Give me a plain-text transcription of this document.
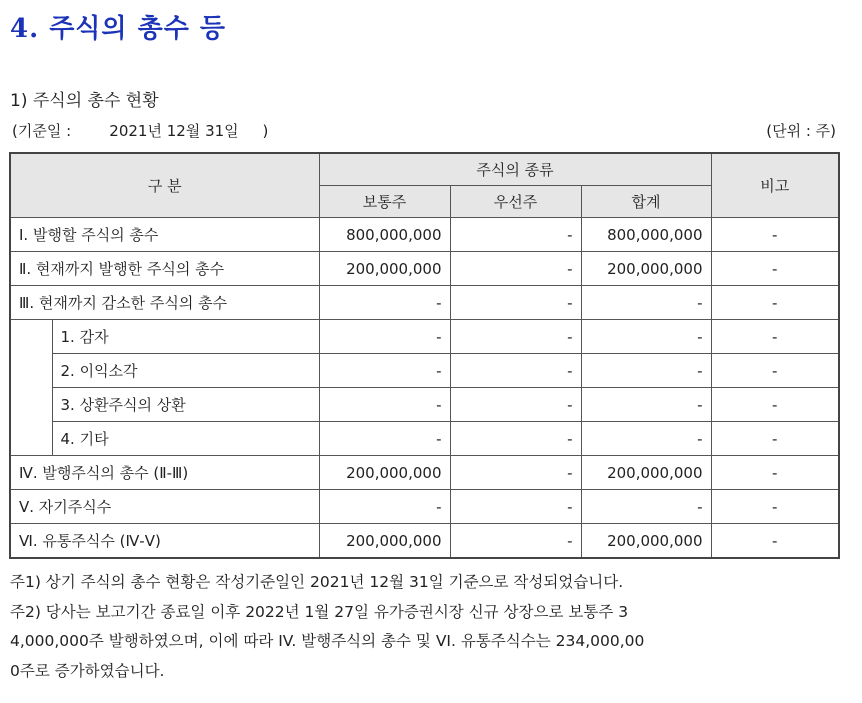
4. 주식의 총수 등
1) 주식의 총수 현황
(기준일 :        2021년 12월 31일     )	(단위 : 주)
구 분		주식의 종류			비고
		보통주	우선주	합계	
Ⅰ. 발행할 주식의 총수		800,000,000	-	800,000,000	-
Ⅱ. 현재까지 발행한 주식의 총수		200,000,000	-	200,000,000	-
Ⅲ. 현재까지 감소한 주식의 총수		-	-	-	-
	1. 감자	-	-	-	-
	2. 이익소각	-	-	-	-
	3. 상환주식의 상환	-	-	-	-
	4. 기타	-	-	-	-
Ⅳ. 발행주식의 총수 (Ⅱ-Ⅲ)		200,000,000	-	200,000,000	-
Ⅴ. 자기주식수		-	-	-	-
Ⅵ. 유통주식수 (Ⅳ-Ⅴ)		200,000,000	-	200,000,000	-
주1) 상기 주식의 총수 현황은 작성기준일인 2021년 12월 31일 기준으로 작성되었습니다.
주2) 당사는 보고기간 종료일 이후 2022년 1월 27일 유가증권시장 신규 상장으로 보통주 3
4,000,000주 발행하였으며, 이에 따라 IV. 발행주식의 총수 및 VI. 유통주식수는 234,000,00
0주로 증가하였습니다.
